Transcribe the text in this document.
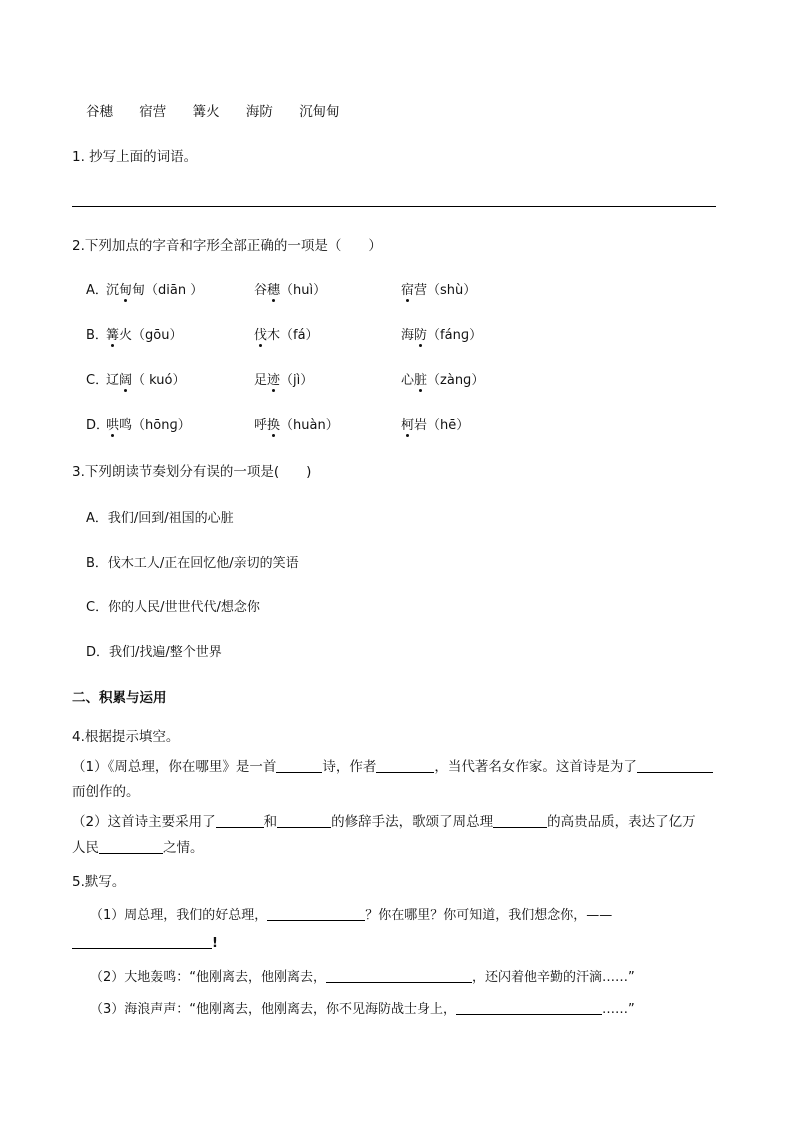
谷穗 宿营 篝火 海防 沉甸甸
1. 抄写上面的词语。
2.下列加点的字音和字形全部正确的一项是（　　）
A．
沉甸甸（diān ）	谷穗（huì）	宿营（shù）
B．
篝火（gōu）	伐木（fá）	海防（fánɡ）
C．
辽阔（ kuó）	足迹（jì）	心脏（zànɡ）
D．
哄鸣（hōnɡ）	呼换（huàn）	柯岩（hē）
3.下列朗读节奏划分有误的一项是(　　)
A．我们/回到/祖国的心脏
B．伐木工人/正在回忆他/亲切的笑语
C．你的人民/世世代代/想念你
D．我们/找遍/整个世界
二、积累与运用
4.根据提示填空。
（1）《周总理，你在哪里》是一首	诗，作者	，当代著名女作家。这首诗是为了
而创作的。
（2）这首诗主要采用了	和	的修辞手法，歌颂了周总理	的高贵品质，表达了亿万
人民	之情。
5.默写。
（1）周总理，我们的好总理，	？你在哪里？你可知道，我们想念你，——
!
（2）大地轰鸣：“他刚离去，他刚离去，	，还闪着他辛勤的汗滴……”
（3）海浪声声：“他刚离去，他刚离去，你不见海防战士身上，	……”
